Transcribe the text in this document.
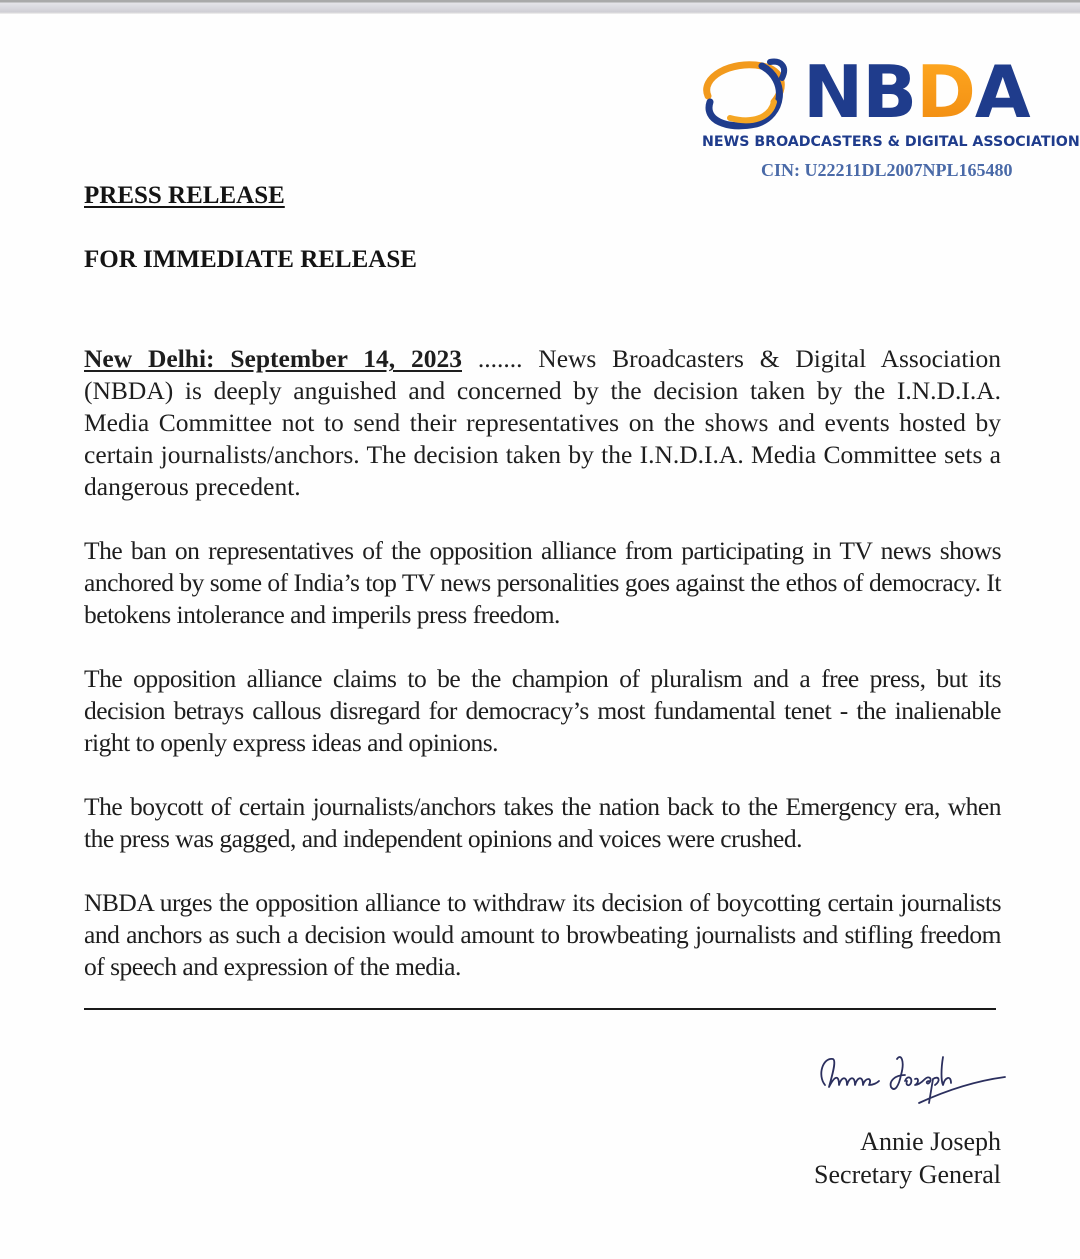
NBDA
NEWS BROADCASTERS & DIGITAL ASSOCIATION
CIN: U22211DL2007NPL165480
PRESS RELEASE
FOR IMMEDIATE RELEASE

New Delhi: September 14, 2023 ....... News Broadcasters & Digital Association (NBDA) is deeply anguished and concerned by the decision taken by the I.N.D.I.A. Media Committee not to send their representatives on the shows and events hosted by certain journalists/anchors. The decision taken by the I.N.D.I.A. Media Committee sets a dangerous precedent.

The ban on representatives of the opposition alliance from participating in TV news shows anchored by some of India’s top TV news personalities goes against the ethos of democracy. It betokens intolerance and imperils press freedom.

The opposition alliance claims to be the champion of pluralism and a free press, but its decision betrays callous disregard for democracy’s most fundamental tenet - the inalienable right to openly express ideas and opinions.

The boycott of certain journalists/anchors takes the nation back to the Emergency era, when the press was gagged, and independent opinions and voices were crushed.

NBDA urges the opposition alliance to withdraw its decision of boycotting certain journalists and anchors as such a decision would amount to browbeating journalists and stifling freedom of speech and expression of the media.

Annie Joseph
Secretary General
